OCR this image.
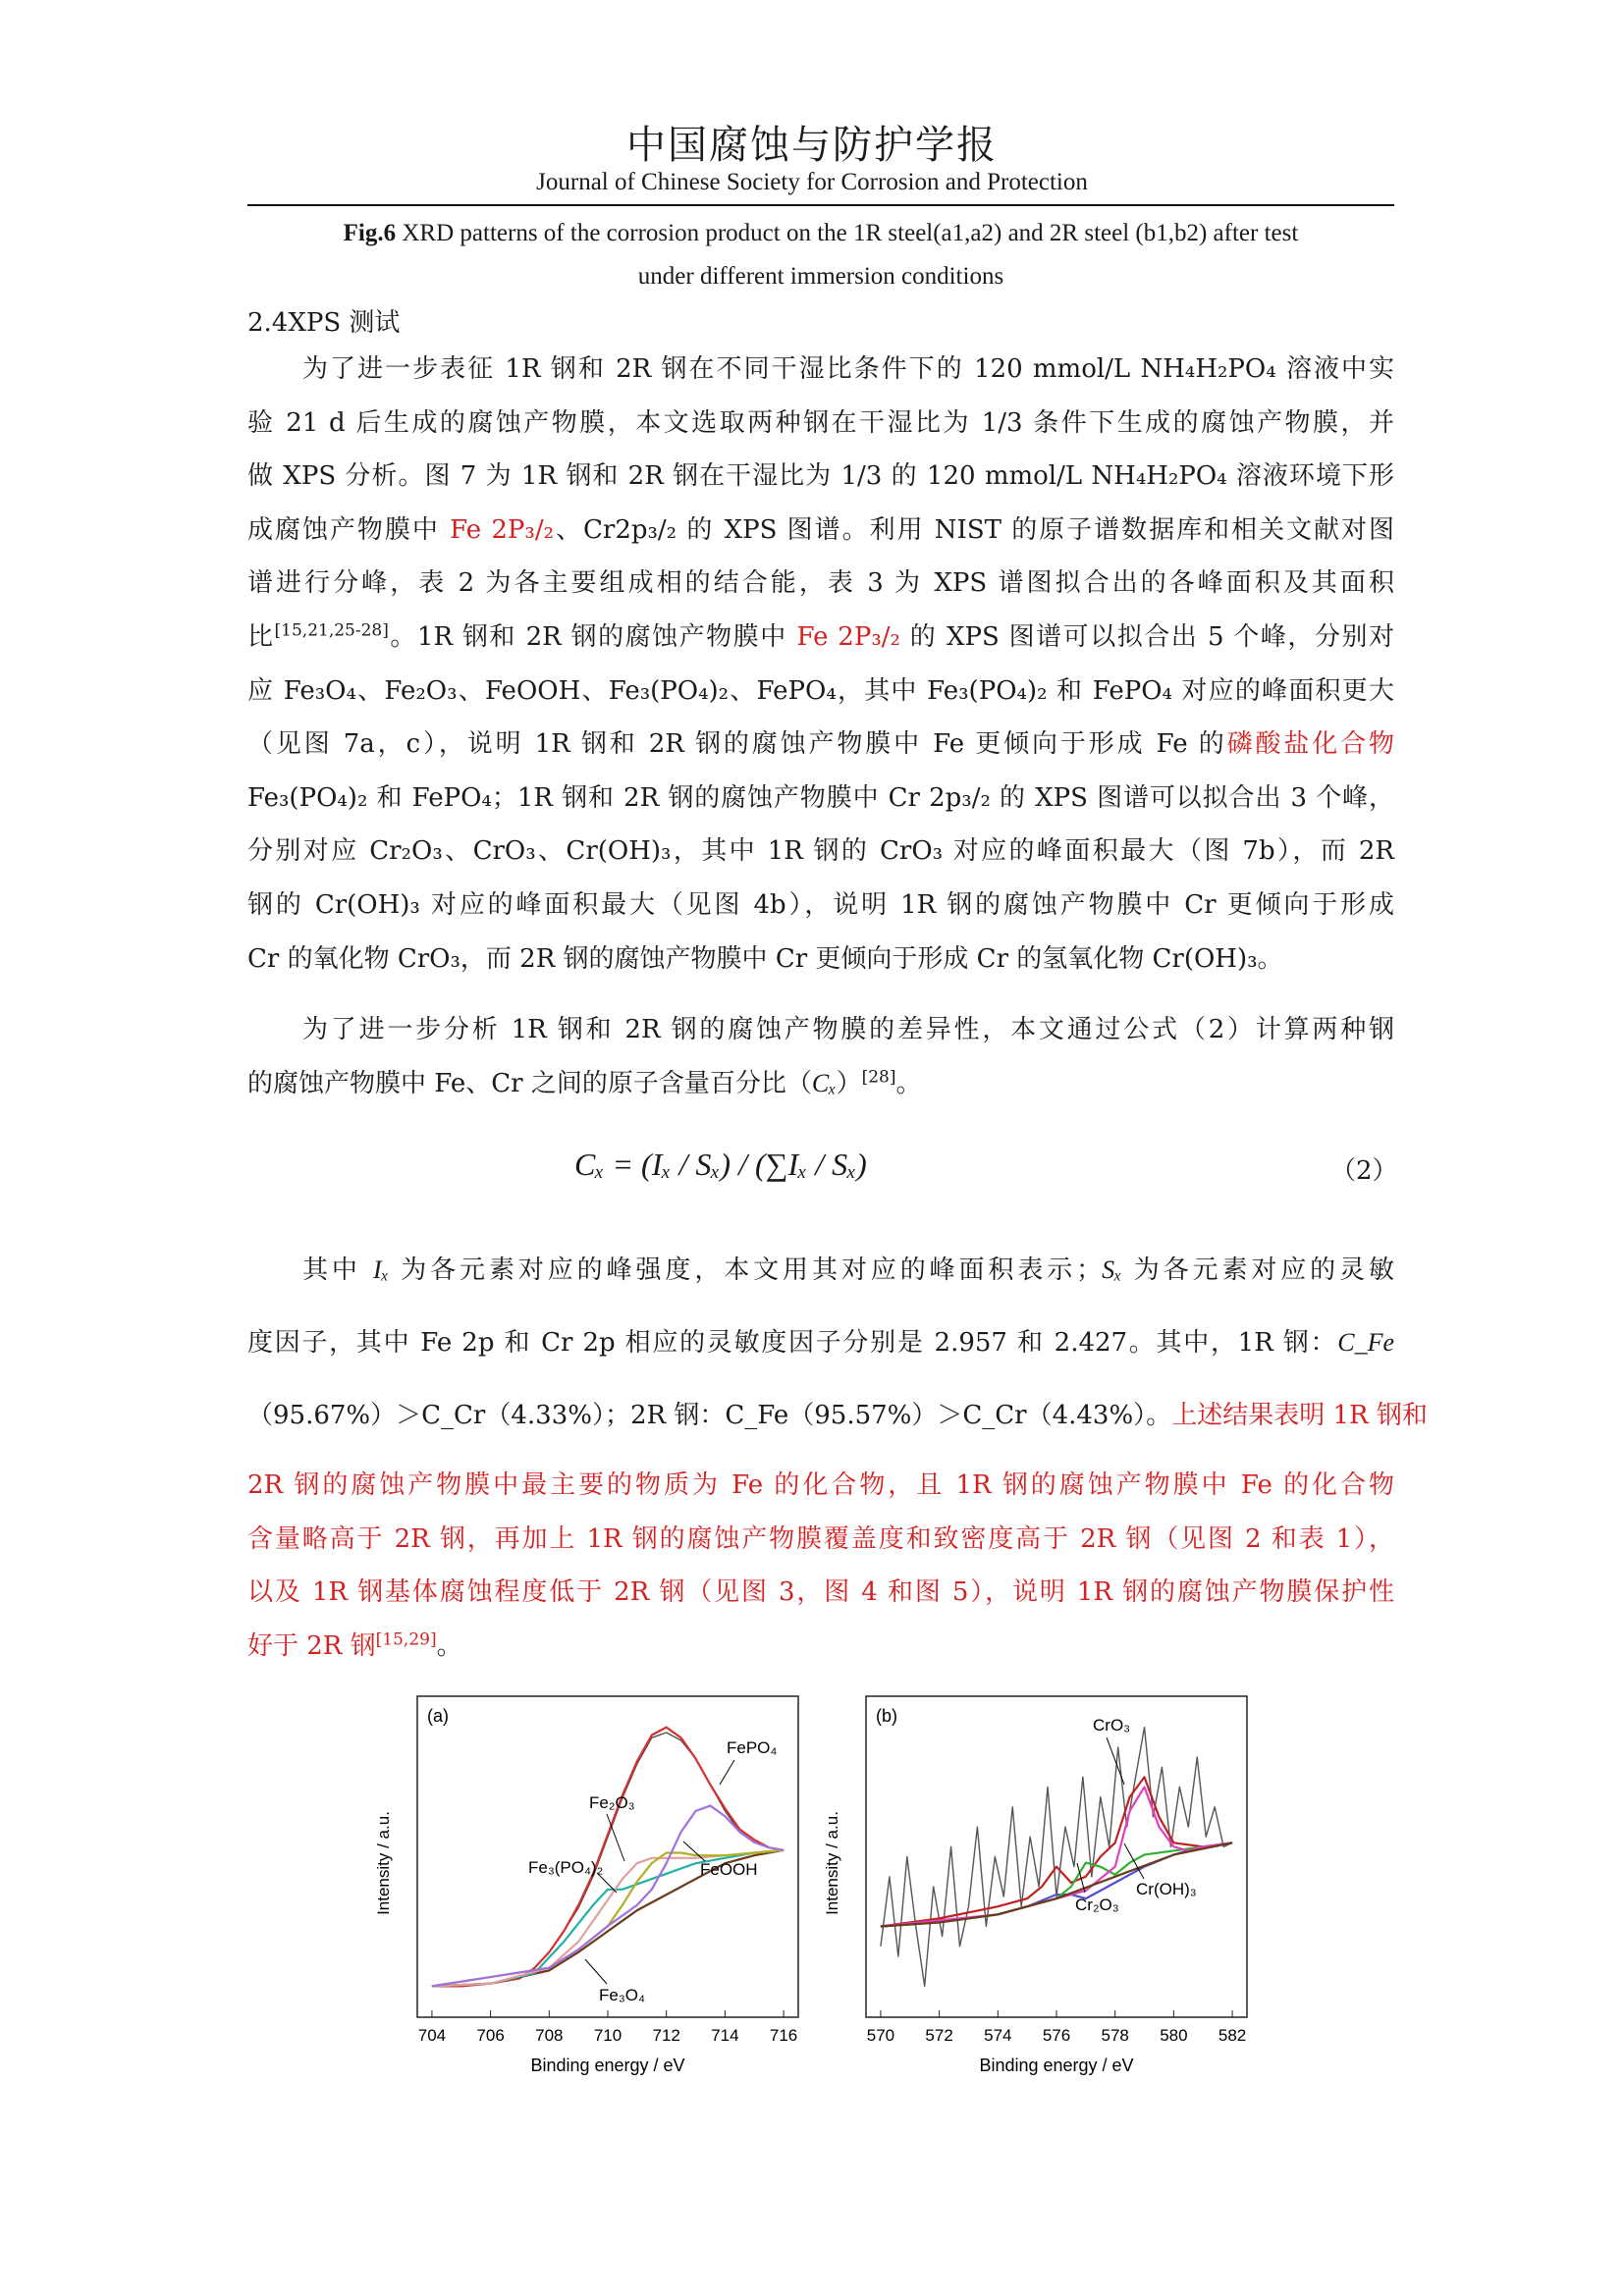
中国腐蚀与防护学报
Journal of Chinese Society for Corrosion and Protection
Fig.6 XRD patterns of the corrosion product on the 1R steel(a1,a2) and 2R steel (b1,b2) after test
under different immersion conditions
2.4XPS 测试
为了进一步表征 1R 钢和 2R 钢在不同干湿比条件下的 120 mmol/L NH₄H₂PO₄ 溶液中实
验 21 d 后生成的腐蚀产物膜，本文选取两种钢在干湿比为 1/3 条件下生成的腐蚀产物膜，并
做 XPS 分析。图 7 为 1R 钢和 2R 钢在干湿比为 1/3 的 120 mmol/L NH₄H₂PO₄ 溶液环境下形
成腐蚀产物膜中 Fe 2P₃/₂、Cr2p₃/₂ 的 XPS 图谱。利用 NIST 的原子谱数据库和相关文献对图
谱进行分峰，表 2 为各主要组成相的结合能，表 3 为 XPS 谱图拟合出的各峰面积及其面积
比[15,21,25-28]。1R 钢和 2R 钢的腐蚀产物膜中 Fe 2P₃/₂ 的 XPS 图谱可以拟合出 5 个峰，分别对
应 Fe₃O₄、Fe₂O₃、FeOOH、Fe₃(PO₄)₂、FePO₄，其中 Fe₃(PO₄)₂ 和 FePO₄ 对应的峰面积更大
（见图 7a，c），说明 1R 钢和 2R 钢的腐蚀产物膜中 Fe 更倾向于形成 Fe 的磷酸盐化合物
Fe₃(PO₄)₂ 和 FePO₄；1R 钢和 2R 钢的腐蚀产物膜中 Cr 2p₃/₂ 的 XPS 图谱可以拟合出 3 个峰，
分别对应 Cr₂O₃、CrO₃、Cr(OH)₃，其中 1R 钢的 CrO₃ 对应的峰面积最大（图 7b），而 2R
钢的 Cr(OH)₃ 对应的峰面积最大（见图 4b），说明 1R 钢的腐蚀产物膜中 Cr 更倾向于形成
Cr 的氧化物 CrO₃，而 2R 钢的腐蚀产物膜中 Cr 更倾向于形成 Cr 的氢氧化物 Cr(OH)₃。
为了进一步分析 1R 钢和 2R 钢的腐蚀产物膜的差异性，本文通过公式（2）计算两种钢
的腐蚀产物膜中 Fe、Cr 之间的原子含量百分比（Cₓ）[28]。
Cₓ = (Iₓ / Sₓ) / (∑Iₓ / Sₓ)	（2）
其中 Iₓ 为各元素对应的峰强度，本文用其对应的峰面积表示；Sₓ 为各元素对应的灵敏
度因子，其中 Fe 2p 和 Cr 2p 相应的灵敏度因子分别是 2.957 和 2.427。其中，1R 钢：C_Fe
（95.67%）＞C_Cr（4.33%）；2R 钢：C_Fe（95.57%）＞C_Cr（4.43%）。上述结果表明 1R 钢和
2R 钢的腐蚀产物膜中最主要的物质为 Fe 的化合物，且 1R 钢的腐蚀产物膜中 Fe 的化合物
含量略高于 2R 钢，再加上 1R 钢的腐蚀产物膜覆盖度和致密度高于 2R 钢（见图 2 和表 1），
以及 1R 钢基体腐蚀程度低于 2R 钢（见图 3，图 4 和图 5），说明 1R 钢的腐蚀产物膜保护性
好于 2R 钢[15,29]。
(a)
Intensity / a.u.
Binding energy / eV
704 706 708 710 712 714 716
FePO₄
Fe₂O₃
Fe₃(PO₄)₂	FeOOH
Fe₃O₄
(b)
Intensity / a.u.
Binding energy / eV
570 572 574 576 578 580 582
CrO₃
Cr₂O₃
Cr(OH)₃
